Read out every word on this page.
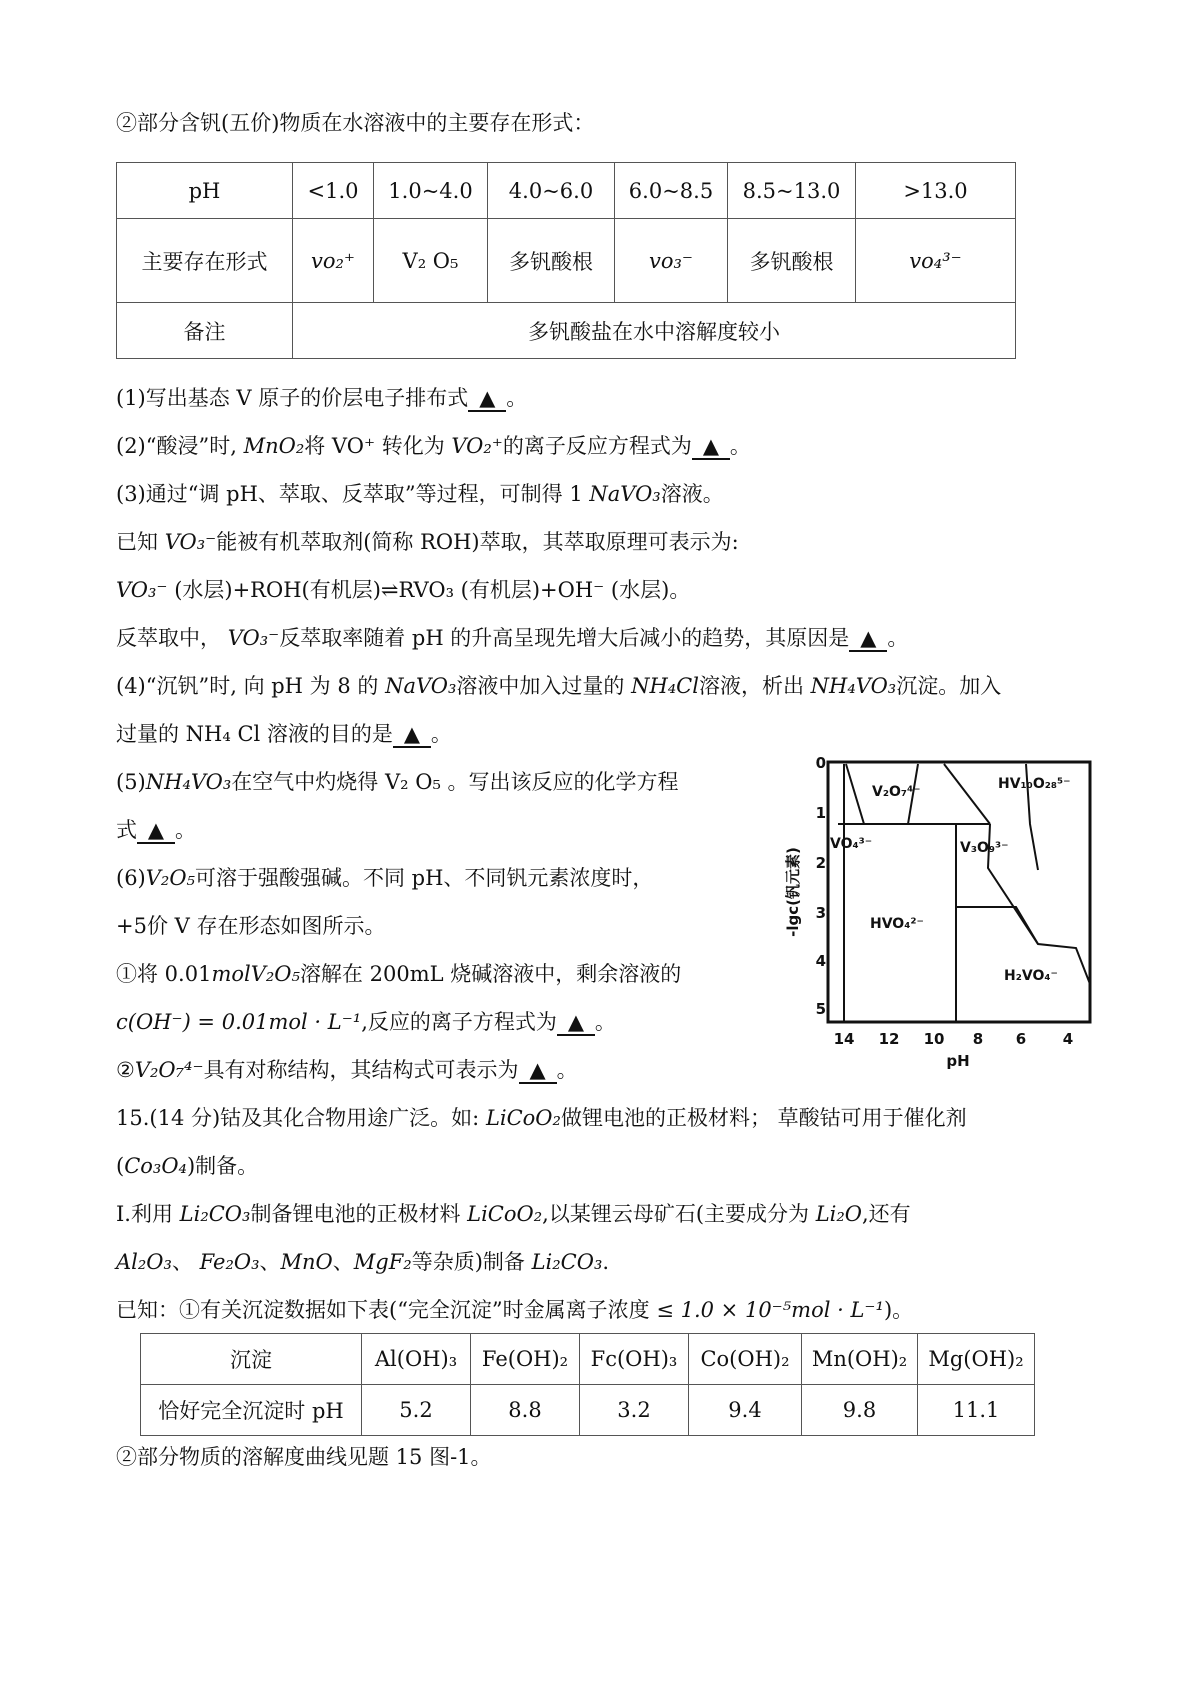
②部分含钒(五价)物质在水溶液中的主要存在形式：
pH	<1.0	1.0~4.0	4.0~6.0	6.0~8.5	8.5~13.0	>13.0
主要存在形式	vo₂⁺	V₂ O₅	多钒酸根	vo₃⁻	多钒酸根	vo₄³⁻
备注	多钒酸盐在水中溶解度较小					
(1)写出基态 V 原子的价层电子排布式 ▲ 。
(2)“酸浸”时, MnO₂将 VO⁺ 转化为 VO₂⁺的离子反应方程式为 ▲ 。
(3)通过“调 pH、萃取、反萃取”等过程，可制得 1 NaVO₃溶液。
已知 VO₃⁻能被有机萃取剂(简称 ROH)萃取，其萃取原理可表示为:
VO₃⁻ (水层)+ROH(有机层)⇌RVO₃ (有机层)+OH⁻ (水层)。
反萃取中， VO₃⁻反萃取率随着 pH 的升高呈现先增大后减小的趋势，其原因是 ▲ 。
(4)“沉钒”时, 向 pH 为 8 的 NaVO₃溶液中加入过量的 NH₄Cl溶液，析出 NH₄VO₃沉淀。加入
过量的 NH₄ Cl 溶液的目的是 ▲ 。
(5)NH₄VO₃在空气中灼烧得 V₂ O₅ 。写出该反应的化学方程
式 ▲ 。
(6)V₂O₅可溶于强酸强碱。不同 pH、不同钒元素浓度时，
+5价 V 存在形态如图所示。
①将 0.01molV₂O₅溶解在 200mL 烧碱溶液中，剩余溶液的
c(OH⁻) = 0.01mol · L⁻¹,反应的离子方程式为 ▲ 。
②V₂O₇⁴⁻具有对称结构，其结构式可表示为 ▲ 。
15.(14 分)钴及其化合物用途广泛。如: LiCoO₂做锂电池的正极材料； 草酸钴可用于催化剂
(Co₃O₄)制备。
Ⅰ.利用 Li₂CO₃制备锂电池的正极材料 LiCoO₂,以某锂云母矿石(主要成分为 Li₂O,还有
Al₂O₃、 Fe₂O₃、MnO、MgF₂等杂质)制备 Li₂CO₃.
已知：①有关沉淀数据如下表(“完全沉淀”时金属离子浓度 ≤ 1.0 × 10⁻⁵mol · L⁻¹)。
沉淀	Al(OH)₃	Fe(OH)₂	Fc(OH)₃	Co(OH)₂	Mn(OH)₂	Mg(OH)₂
恰好完全沉淀时 pH	5.2	8.8	3.2	9.4	9.8	11.1
②部分物质的溶解度曲线见题 15 图-1。
0
1
2
3
4
5
14 12 10 8 6 4
pH
-lgc(钒元素)
V₂O₇⁴⁻	HV₁₀O₂₈⁵⁻
VO₄³⁻	V₃O₉³⁻
HVO₄²⁻
H₂VO₄⁻
